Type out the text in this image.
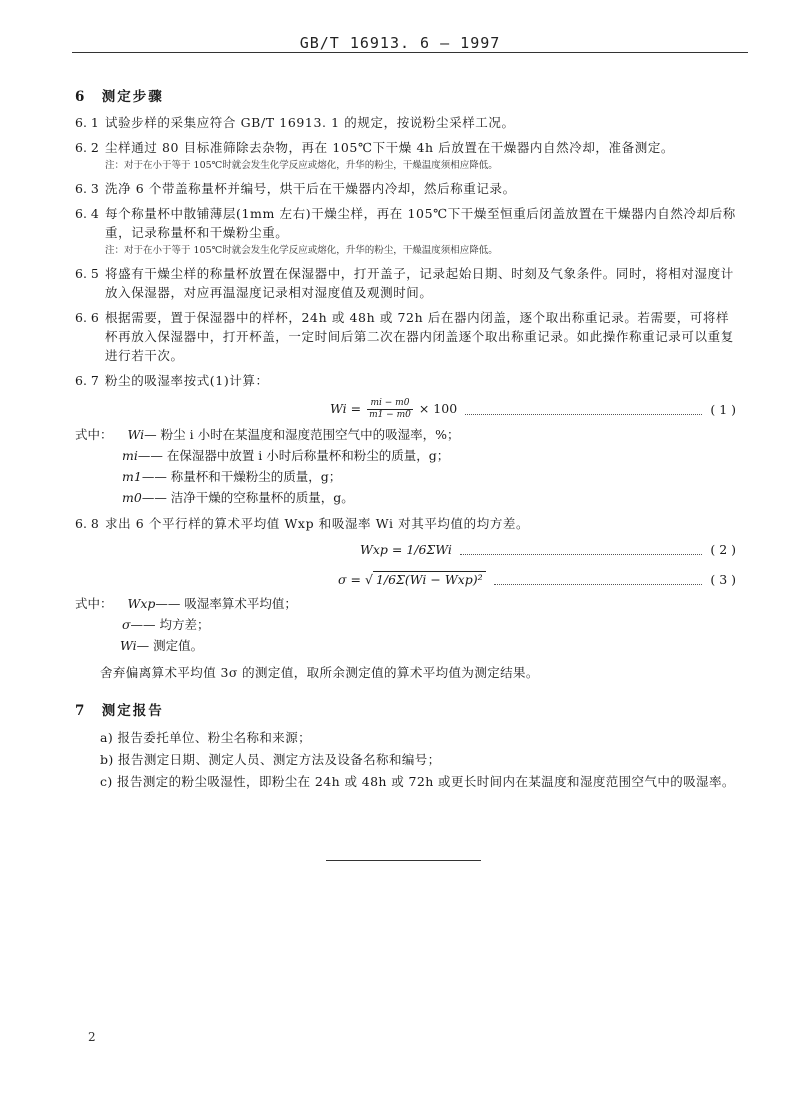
GB/T 16913. 6 — 1997
6 测定步骤
6. 1 试验步样的采集应符合 GB/T 16913. 1 的规定，按说粉尘采样工况。
6. 2 尘样通过 80 目标准筛除去杂物，再在 105℃下干燥 4h 后放置在干燥器内自然冷却，准备测定。
注：对于在小于等于 105℃时就会发生化学反应或熔化，升华的粉尘，干燥温度须相应降低。
6. 3 洗净 6 个带盖称量杯并编号，烘干后在干燥器内冷却，然后称重记录。
6. 4 每个称量杯中散铺薄层(1mm 左右)干燥尘样，再在 105℃下干燥至恒重后闭盖放置在干燥器内自然冷却后称重，记录称量杯和干燥粉尘重。
注：对于在小于等于 105℃时就会发生化学反应或熔化，升华的粉尘，干燥温度须相应降低。
6. 5 将盛有干燥尘样的称量杯放置在保湿器中，打开盖子，记录起始日期、时刻及气象条件。同时，将相对湿度计放入保湿器，对应再温湿度记录相对湿度值及观测时间。
6. 6 根据需要，置于保湿器中的样杯，24h 或 48h 或 72h 后在器内闭盖，逐个取出称重记录。若需要，可将样杯再放入保湿器中，打开杯盖，一定时间后第二次在器内闭盖逐个取出称重记录。如此操作称重记录可以重复进行若干次。
6. 7 粉尘的吸湿率按式(1)计算：
$Wi = \frac{mi - m0}{m1 - m0} \times 100$	( 1 )

式中： Wi— 粉尘 i 小时在某温度和湿度范围空气中的吸湿率，%；

mi—— 在保湿器中放置 i 小时后称量杯和粉尘的质量，g；

m1—— 称量杯和干燥粉尘的质量，g；

m0—— 洁净干燥的空称量杯的质量，g。

6. 8 求出 6 个平行样的算术平均值 Wxp 和吸湿率 Wi 对其平均值的均方差。
Wxp = 1/6ΣWi	( 2 )
σ = √ 1/6Σ(Wi − Wxp)²	( 3 )

式中： Wxp—— 吸湿率算术平均值；

σ—— 均方差；

Wi— 测定值。

舍弃偏离算术平均值 3σ 的测定值，取所余测定值的算术平均值为测定结果。

7 测定报告

a) 报告委托单位、粉尘名称和来源；

b) 报告测定日期、测定人员、测定方法及设备名称和编号；

c) 报告测定的粉尘吸湿性，即粉尘在 24h 或 48h 或 72h 或更长时间内在某温度和湿度范围空气中的吸湿率。

2
